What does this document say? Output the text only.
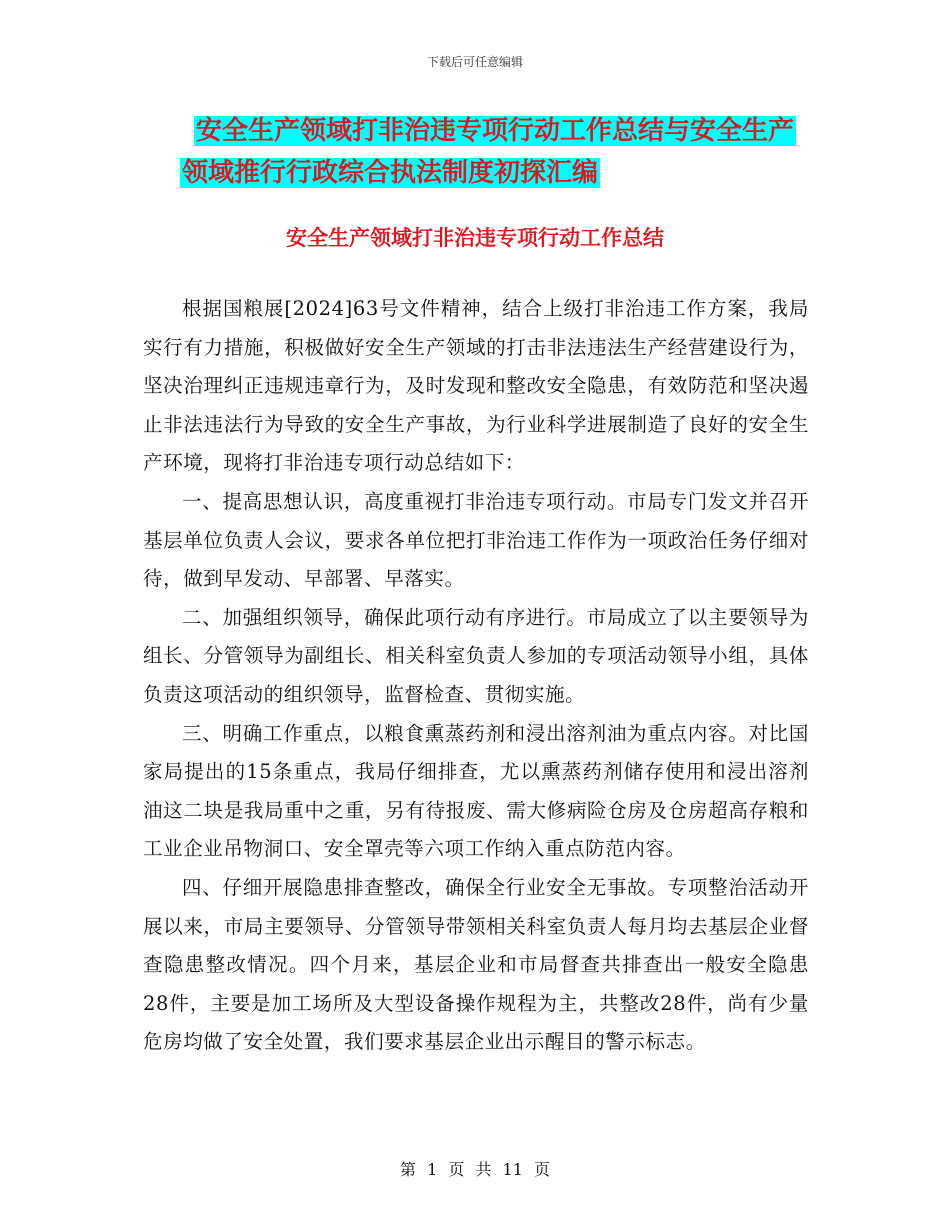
下载后可任意编辑
安全生产领域打非治违专项行动工作总结与安全生产
领域推行行政综合执法制度初探汇编
安全生产领域打非治违专项行动工作总结

根据国粮展[2024]63号文件精神，结合上级打非治违工作方案，我局实行有力措施，积极做好安全生产领域的打击非法违法生产经营建设行为，坚决治理纠正违规违章行为，及时发现和整改安全隐患，有效防范和坚决遏止非法违法行为导致的安全生产事故，为行业科学进展制造了良好的安全生产环境，现将打非治违专项行动总结如下：

一、提高思想认识，高度重视打非治违专项行动。市局专门发文并召开基层单位负责人会议，要求各单位把打非治违工作作为一项政治任务仔细对待，做到早发动、早部署、早落实。

二、加强组织领导，确保此项行动有序进行。市局成立了以主要领导为组长、分管领导为副组长、相关科室负责人参加的专项活动领导小组，具体负责这项活动的组织领导，监督检查、贯彻实施。

三、明确工作重点，以粮食熏蒸药剂和浸出溶剂油为重点内容。对比国家局提出的15条重点，我局仔细排查，尤以熏蒸药剂储存使用和浸出溶剂油这二块是我局重中之重，另有待报废、需大修病险仓房及仓房超高存粮和工业企业吊物洞口、安全罩壳等六项工作纳入重点防范内容。

四、仔细开展隐患排查整改，确保全行业安全无事故。专项整治活动开展以来，市局主要领导、分管领导带领相关科室负责人每月均去基层企业督查隐患整改情况。四个月来，基层企业和市局督查共排查出一般安全隐患28件，主要是加工场所及大型设备操作规程为主，共整改28件，尚有少量危房均做了安全处置，我们要求基层企业出示醒目的警示标志。

第 1 页 共 11 页
